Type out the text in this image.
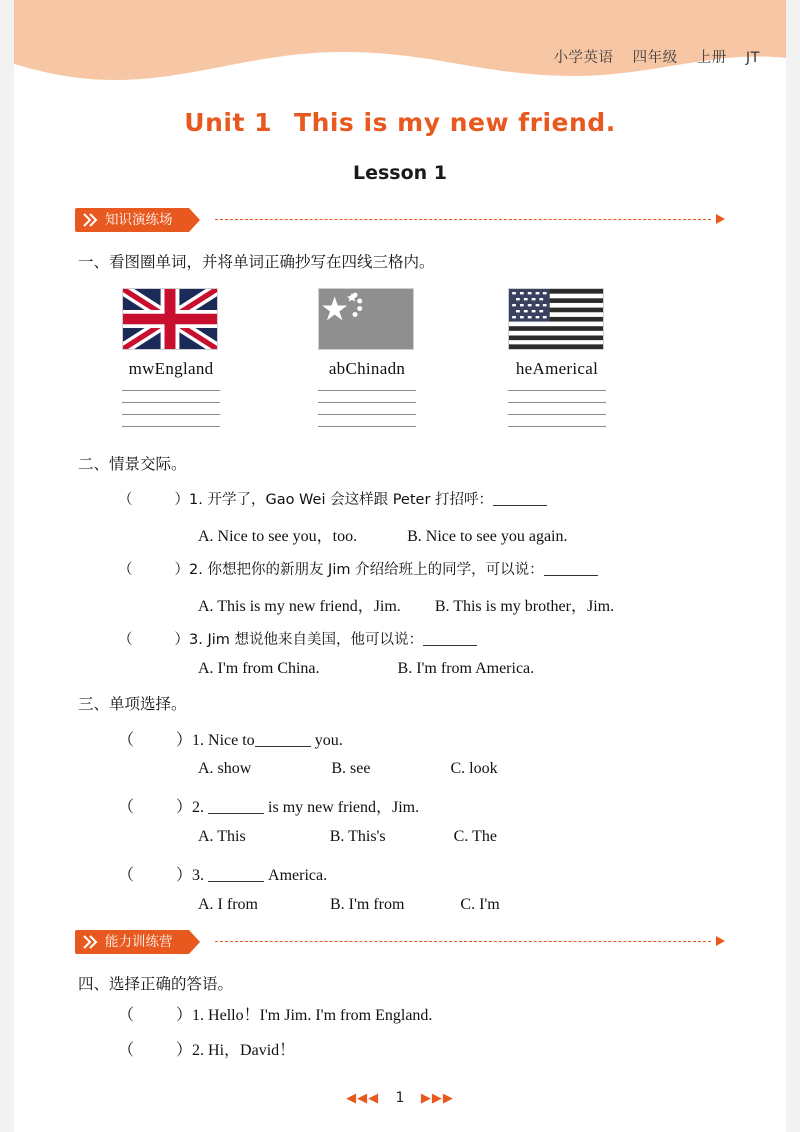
小学英语 四年级 上册 JT
Unit 1 This is my new friend.
Lesson 1
知识演练场
一、看图圈单词，并将单词正确抄写在四线三格内。
mwEngland	abChinadn	heAmerical
二、情景交际。
（	）1. 开学了，Gao Wei 会这样跟 Peter 打招呼：
A. Nice to see you，too.	B. Nice to see you again.
（	）2. 你想把你的新朋友 Jim 介绍给班上的同学，可以说：
A. This is my new friend，Jim. B. This is my brother，Jim.
（	）3. Jim 想说他来自美国，他可以说：
A. I'm from China.	B. I'm from America.
三、单项选择。
（	）1. Nice to	you.
A. show	B. see	C. look
（	）2.	is my new friend，Jim.
A. This	B. This's	C. The
（	）3.	America.
A. I from	B. I'm from	C. I'm
能力训练营
四、选择正确的答语。
（	）1. Hello！I'm Jim. I'm from England.
（	）2. Hi，David！
◀◀◀ 1 ▶▶▶
